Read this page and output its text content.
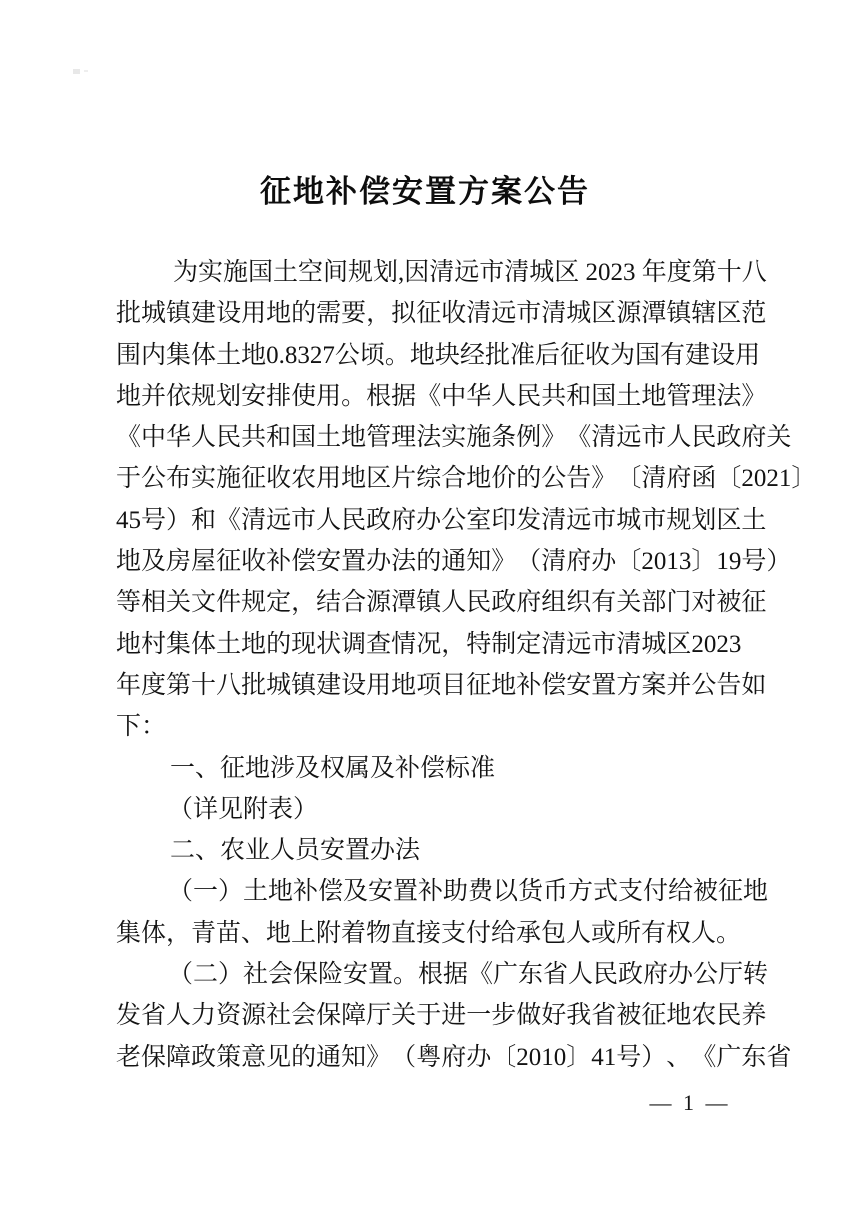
征地补偿安置方案公告
为实施国土空间规划,因清远市清城区 2023 年度第十八
批 城 镇 建 设 用 地 的 需 要 ， 拟 征 收 清 远 市 清 城 区 源 潭 镇 辖 区 范
围 内 集 体 土 地 0 . 8 3 2 7 公 顷 。 地 块 经 批 准 后 征 收 为 国 有 建 设 用
地 并 依 规 划 安 排 使 用 。 根 据 《 中 华 人 民 共 和 国 土 地 管 理 法 》
《 中 华 人 民 共 和 国 土 地 管 理 法 实 施 条 例 》 《 清 远 市 人 民 政 府 关
于 公 布 实 施 征 收 农 用 地 区 片 综 合 地 价 的 公 告 》 〔 清 府 函 〔 2 0 2 1 〕
4 5 号 ） 和 《 清 远 市 人 民 政 府 办 公 室 印 发 清 远 市 城 市 规 划 区 土
地 及 房 屋 征 收 补 偿 安 置 办 法 的 通 知 》 （ 清 府 办 〔 2 0 1 3 〕 1 9 号 ）
等 相 关 文 件 规 定 ， 结 合 源 潭 镇 人 民 政 府 组 织 有 关 部 门 对 被 征
地 村 集 体 土 地 的 现 状 调 查 情 况 ， 特 制 定 清 远 市 清 城 区 2 0 2 3
年 度 第 十 八 批 城 镇 建 设 用 地 项 目 征 地 补 偿 安 置 方 案 并 公 告 如
下：
一、征地涉及权属及补偿标准
（详见附表）
二、农业人员安置办法
（一）土地补偿及安置补助费以货币方式支付给被征地
集体，青苗、地上附着物直接支付给承包人或所有权人。
（二）社会保险安置。根据《广东省人民政府办公厅转
发 省 人 力 资 源 社 会 保 障 厅 关 于 进 一 步 做 好 我 省 被 征 地 农 民 养
老 保 障 政 策 意 见 的 通 知 》 （ 粤 府 办 〔 2 0 1 0 〕 4 1 号 ） 、 《 广 东 省
— 1 —
